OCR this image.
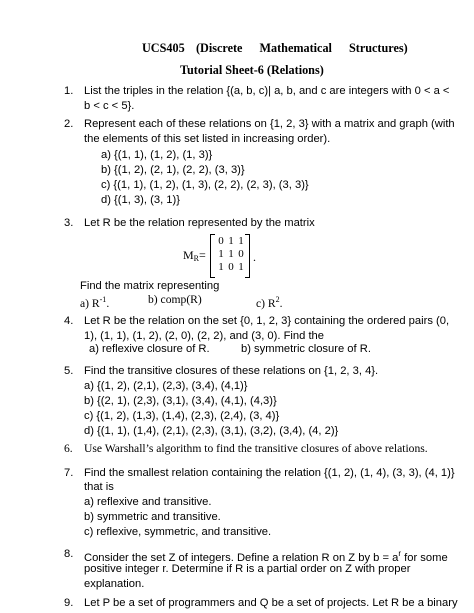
UCS405 (Discrete Mathematical Structures)
Tutorial Sheet-6 (Relations)
1. List the triples in the relation {(a, b, c)| a, b, and c are integers with 0 < a <
b < c < 5}.
2. Represent each of these relations on {1, 2, 3} with a matrix and graph (with
the elements of this set listed in increasing order).
a) {(1, 1), (1, 2), (1, 3)}
b) {(1, 2), (2, 1), (2, 2), (3, 3)}
c) {(1, 1), (1, 2), (1, 3), (2, 2), (2, 3), (3, 3)}
d) {(1, 3), (3, 1)}
3. Let R be the relation represented by the matrix
$M_R$ =
0 1 1
1 1 0
1 0 1
.
Find the matrix representing
a) $R^{-1}$.	b) comp(R)	c) $R^2$.
4. Let R be the relation on the set {0, 1, 2, 3} containing the ordered pairs (0,
1), (1, 1), (1, 2), (2, 0), (2, 2), and (3, 0). Find the
a) reflexive closure of R.	b) symmetric closure of R.
5. Find the transitive closures of these relations on {1, 2, 3, 4}.
a) {(1, 2), (2,1), (2,3), (3,4), (4,1)}
b) {(2, 1), (2,3), (3,1), (3,4), (4,1), (4,3)}
c) {(1, 2), (1,3), (1,4), (2,3), (2,4), (3, 4)}
d) {(1, 1), (1,4), (2,1), (2,3), (3,1), (3,2), (3,4), (4, 2)}
6. Use Warshall’s algorithm to find the transitive closures of above relations.
7. Find the smallest relation containing the relation {(1, 2), (1, 4), (3, 3), (4, 1)}
that is
a) reflexive and transitive.
b) symmetric and transitive.
c) reflexive, symmetric, and transitive.
8. Consider the set Z of integers. Define a relation R on Z by $b = a^r$ for some
positive integer r. Determine if R is a partial order on Z with proper
explanation.
9. Let P be a set of programmers and Q be a set of projects. Let R be a binary
